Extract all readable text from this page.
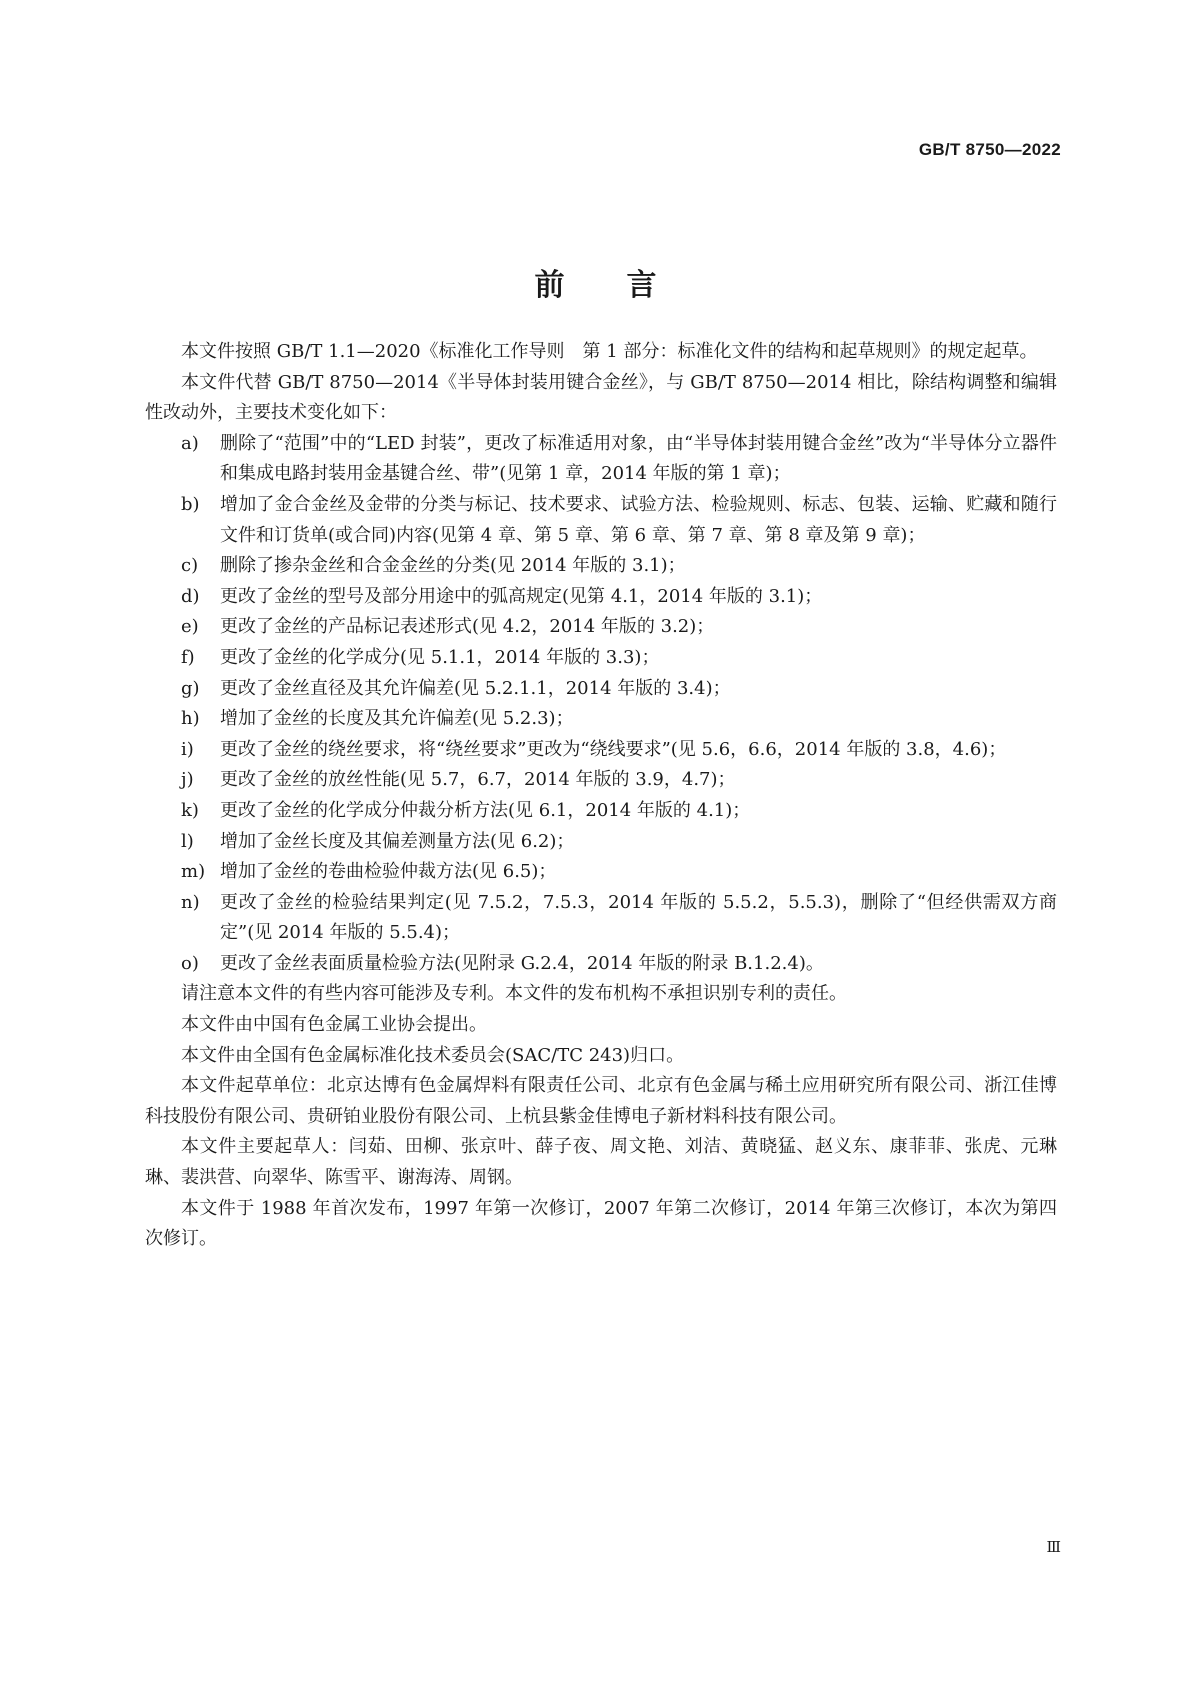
GB/T 8750—2022
前言

本文件按照 GB/T 1.1—2020《标准化工作导则　第 1 部分：标准化文件的结构和起草规则》的规定起草。

本文件代替 GB/T 8750—2014《半导体封装用键合金丝》，与 GB/T 8750—2014 相比，除结构调整和编辑性改动外，主要技术变化如下：

a)	删除了“范围”中的“LED 封装”，更改了标准适用对象，由“半导体封装用键合金丝”改为“半导体分立器件和集成电路封装用金基键合丝、带”(见第 1 章，2014 年版的第 1 章)；
b)	增加了金合金丝及金带的分类与标记、技术要求、试验方法、检验规则、标志、包装、运输、贮藏和随行文件和订货单(或合同)内容(见第 4 章、第 5 章、第 6 章、第 7 章、第 8 章及第 9 章)；
c)	删除了掺杂金丝和合金金丝的分类(见 2014 年版的 3.1)；
d)	更改了金丝的型号及部分用途中的弧高规定(见第 4.1，2014 年版的 3.1)；
e)	更改了金丝的产品标记表述形式(见 4.2，2014 年版的 3.2)；
f)	更改了金丝的化学成分(见 5.1.1，2014 年版的 3.3)；
g)	更改了金丝直径及其允许偏差(见 5.2.1.1，2014 年版的 3.4)；
h)	增加了金丝的长度及其允许偏差(见 5.2.3)；
i)	更改了金丝的绕丝要求，将“绕丝要求”更改为“绕线要求”(见 5.6，6.6，2014 年版的 3.8，4.6)；
j)	更改了金丝的放丝性能(见 5.7，6.7，2014 年版的 3.9，4.7)；
k)	更改了金丝的化学成分仲裁分析方法(见 6.1，2014 年版的 4.1)；
l)	增加了金丝长度及其偏差测量方法(见 6.2)；
m) 增加了金丝的卷曲检验仲裁方法(见 6.5)；
n)	更改了金丝的检验结果判定(见 7.5.2，7.5.3，2014 年版的 5.5.2，5.5.3)，删除了“但经供需双方商定”(见 2014 年版的 5.5.4)；
o)	更改了金丝表面质量检验方法(见附录 G.2.4，2014 年版的附录 B.1.2.4)。

请注意本文件的有些内容可能涉及专利。本文件的发布机构不承担识别专利的责任。

本文件由中国有色金属工业协会提出。

本文件由全国有色金属标准化技术委员会(SAC/TC 243)归口。

本文件起草单位：北京达博有色金属焊料有限责任公司、北京有色金属与稀土应用研究所有限公司、浙江佳博科技股份有限公司、贵研铂业股份有限公司、上杭县紫金佳博电子新材料科技有限公司。

本文件主要起草人：闫茹、田柳、张京叶、薛子夜、周文艳、刘洁、黄晓猛、赵义东、康菲菲、张虎、元琳琳、裴洪营、向翠华、陈雪平、谢海涛、周钢。

本文件于 1988 年首次发布，1997 年第一次修订，2007 年第二次修订，2014 年第三次修订，本次为第四次修订。

Ⅲ
